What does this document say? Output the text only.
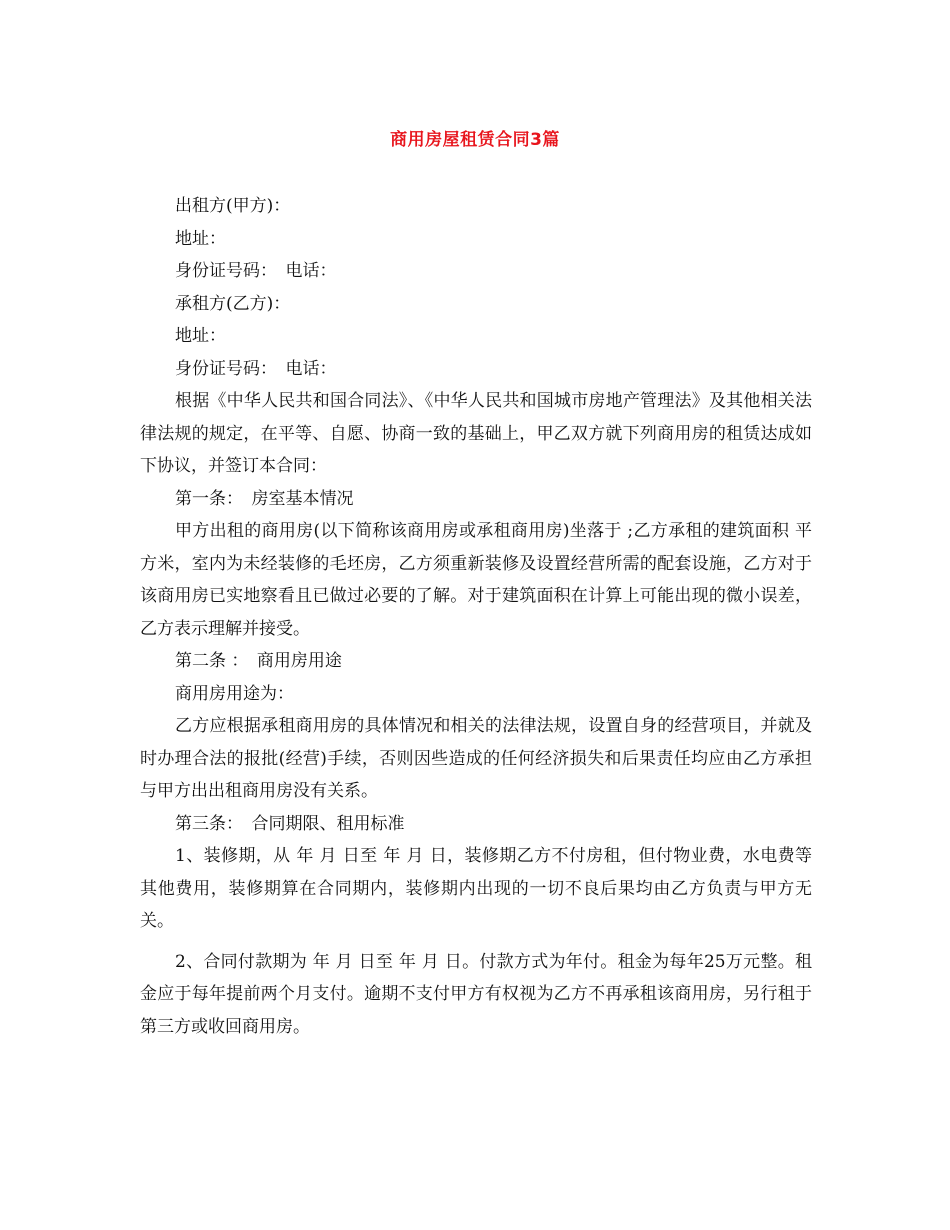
商用房屋租赁合同3篇
出租方(甲方)：
地址：
身份证号码：　电话：
承租方(乙方)：
地址：
身份证号码：　电话：
根据《中华人民共和国合同法》、《中华人民共和国城市房地产管理法》及其他相关法律法规的规定，在平等、自愿、协商一致的基础上，甲乙双方就下列商用房的租赁达成如下协议，并签订本合同：
第一条：　房室基本情况
甲方出租的商用房(以下简称该商用房或承租商用房)坐落于 ;乙方承租的建筑面积 平方米，室内为未经装修的毛坯房，乙方须重新装修及设置经营所需的配套设施，乙方对于该商用房已实地察看且已做过必要的了解。对于建筑面积在计算上可能出现的微小误差，乙方表示理解并接受。
第二条 ：　商用房用途
商用房用途为：
乙方应根据承租商用房的具体情况和相关的法律法规，设置自身的经营项目，并就及时办理合法的报批(经营)手续，否则因些造成的任何经济损失和后果责任均应由乙方承担与甲方出出租商用房没有关系。
第三条：　合同期限、租用标准
1、装修期，从 年 月 日至 年 月 日，装修期乙方不付房租，但付物业费，水电费等其他费用，装修期算在合同期内，装修期内出现的一切不良后果均由乙方负责与甲方无关。
2、合同付款期为 年 月 日至 年 月 日。付款方式为年付。租金为每年25万元整。租金应于每年提前两个月支付。逾期不支付甲方有权视为乙方不再承租该商用房，另行租于第三方或收回商用房。
